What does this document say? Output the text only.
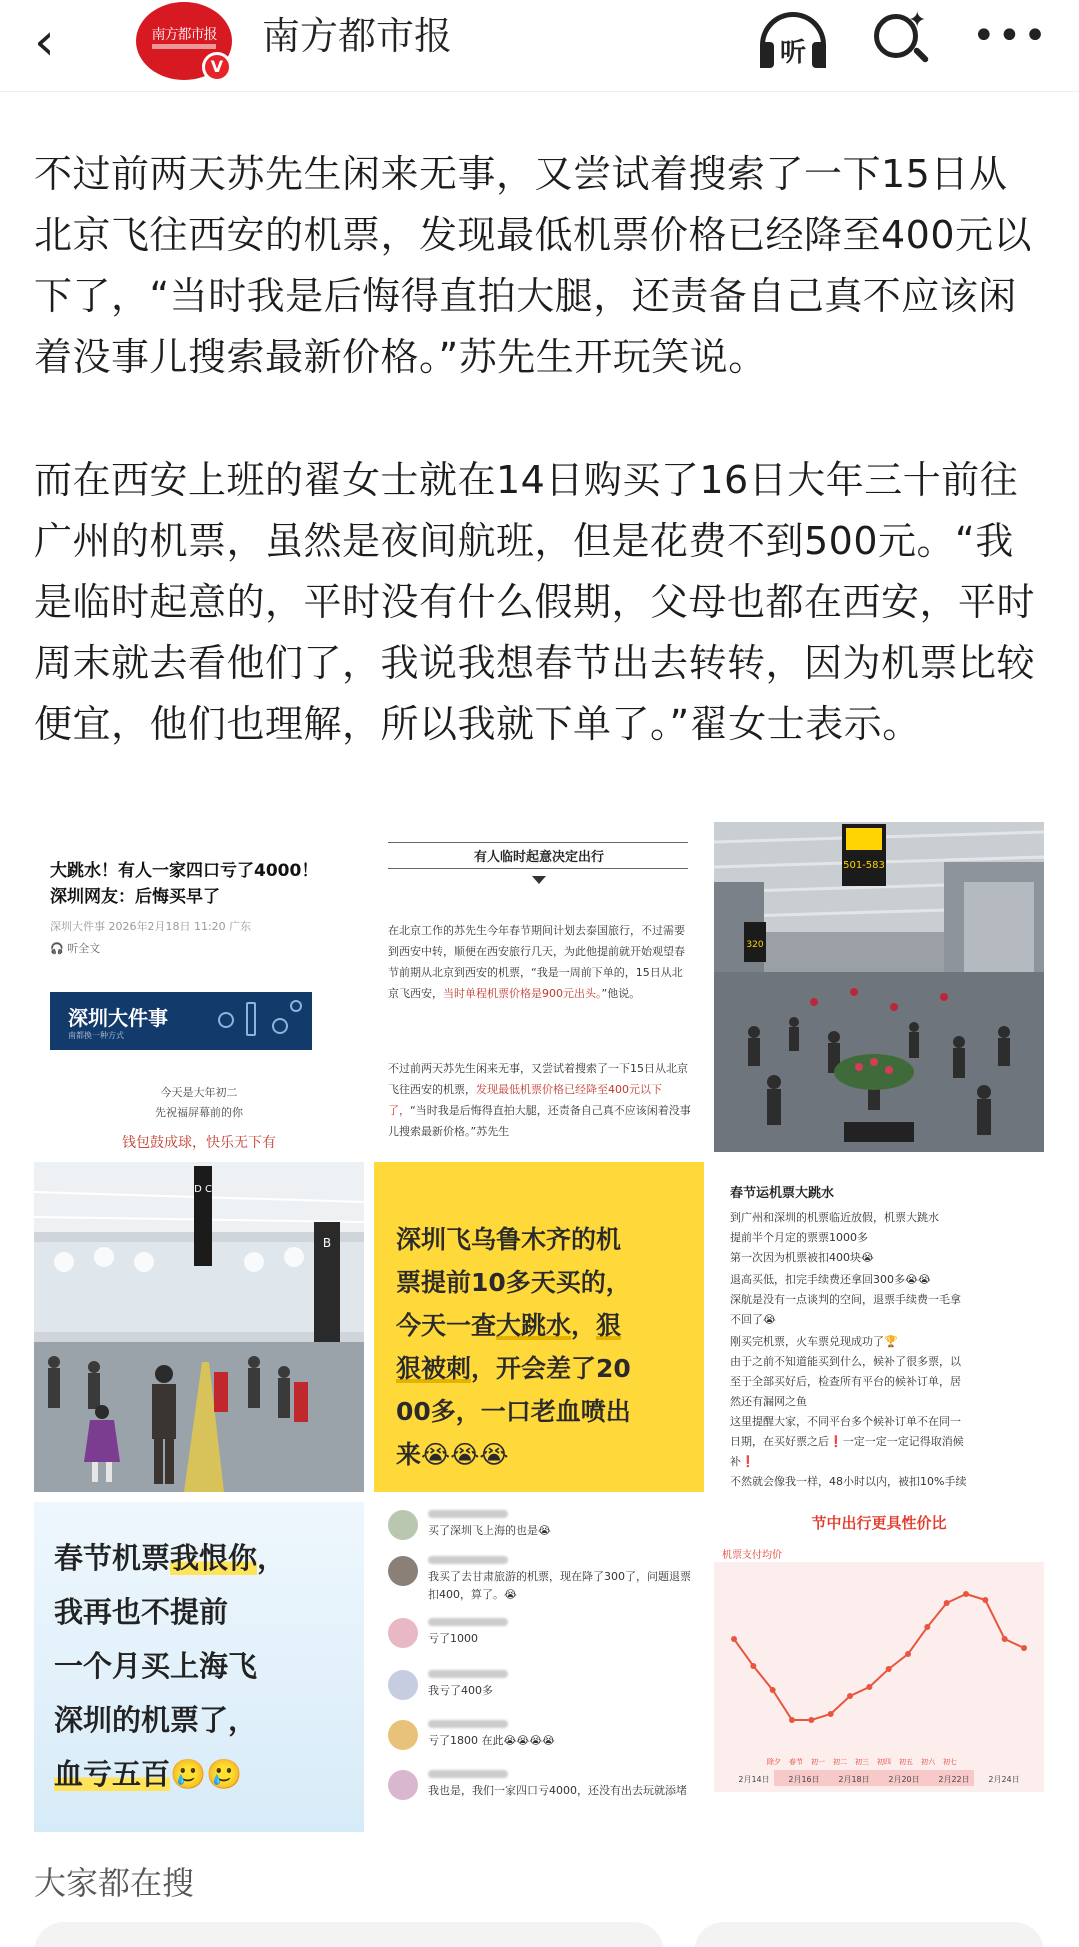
‹	南方都市报
V
南方都市报	听
✦ •••
不过前两天苏先生闲来无事，又尝试着搜索了一下15日从北京飞往西安的机票，发现最低机票价格已经降至400元以下了，“当时我是后悔得直拍大腿，还责备自己真不应该闲着没事儿搜索最新价格。”苏先生开玩笑说。
而在西安上班的翟女士就在14日购买了16日大年三十前往广州的机票，虽然是夜间航班，但是花费不到500元。“我是临时起意的，平时没有什么假期，父母也都在西安，平时周末就去看他们了，我说我想春节出去转转，因为机票比较便宜，他们也理解，所以我就下单了。”翟女士表示。
大跳水！有人一家四口亏了4000！
深圳网友：后悔买早了
深圳大件事 2026年2月18日 11:20 广东
🎧 听全文
深圳大件事
南都换一种方式
今天是大年初二
先祝福屏幕前的你
钱包鼓成球，快乐无下有
有人临时起意决定出行
在北京工作的苏先生今年春节期间计划去泰国旅行，不过需要到西安中转，顺便在西安旅行几天，为此他提前就开始观望春节前期从北京到西安的机票，“我是一周前下单的，15日从北京飞西安，当时单程机票价格是900元出头。”他说。
不过前两天苏先生闲来无事，又尝试着搜索了一下15日从北京飞往西安的机票，发现最低机票价格已经降至400元以下了，“当时我是后悔得直拍大腿，还责备自己真不应该闲着没事儿搜索最新价格。”苏先生
501-583
320
D C
B	深圳飞乌鲁木齐的机
票提前10多天买的，
今天一查大跳水，狠
狠被刺，开会差了20
00多，一口老血喷出
来😭😭😭
春节运机票大跳水
到广州和深圳的机票临近放假，机票大跳水
提前半个月定的票票1000多
第一次因为机票被扣400块😭
退高买低，扣完手续费还拿回300多😭😭
深航是没有一点谈判的空间，退票手续费一毛拿
不回了😭
刚买完机票，火车票兑现成功了🏆
由于之前不知道能买到什么，候补了很多票，以
至于全部买好后，检查所有平台的候补订单，居
然还有漏网之鱼
这里提醒大家，不同平台多个候补订单不在同一
日期，在买好票之后❗一定一定一定记得取消候
补❗
不然就会像我一样，48小时以内，被扣10%手续
春节机票我恨你，
我再也不提前
一个月买上海飞
深圳的机票了，
血亏五百🥲🥲
买了深圳飞上海的也是😭
我买了去甘肃旅游的机票，现在降了300了，问题退票扣400，算了。😭
亏了1000
我亏了400多
亏了1800 在此😭😭😭😭
我也是，我们一家四口亏4000，还没有出去玩就添堵
节中出行更具性价比
机票支付均价
除夕 春节 初一 初二 初三 初四 初五 初六 初七
2月14日 2月16日 2月18日 2月20日 2月22日 2月24日
大家都在搜
